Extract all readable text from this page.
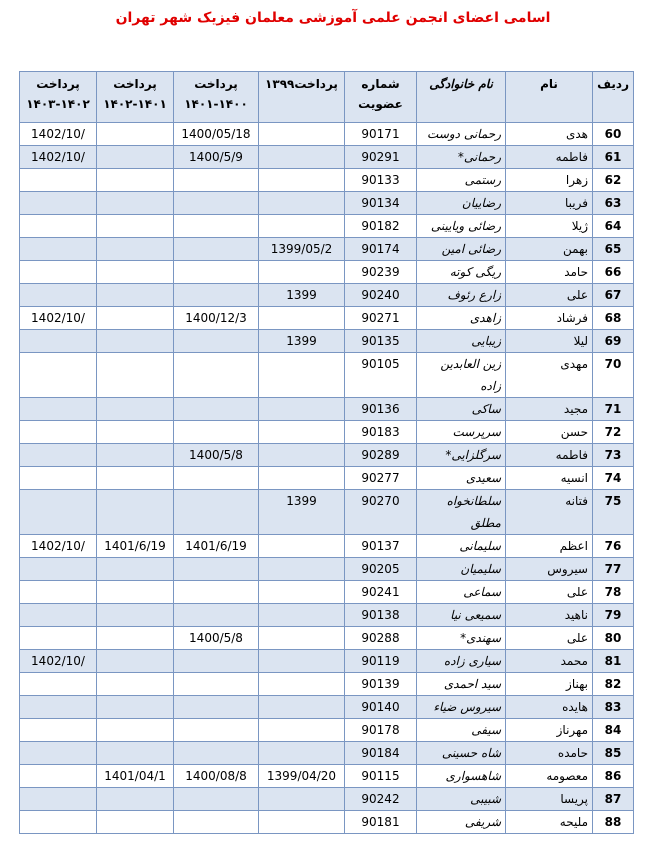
اسامی اعضای انجمن علمی آموزشی معلمان فیزیک شهر تهران
ردیف	نام	نام خانوادگی	شماره عضویت	پرداخت۱۳۹۹	پرداخت ۱۴۰۰-۱۴۰۱	پرداخت ۱۴۰۱-۱۴۰۲	پرداخت ۱۴۰۲-۱۴۰۳
60	هدی	رحمانی دوست	90171		1400/05/18		1402/10/
61	فاطمه	رحمانی*	90291		1400/5/9		1402/10/
62	زهرا	رستمی	90133				
63	فریبا	رضاییان	90134				
64	ژیلا	رضائی ویایینی	90182				
65	بهمن	رضائی امین	90174	1399/05/2			
66	حامد	ریگی کوته	90239				
67	علی	زارع رئوف	90240	1399			
68	فرشاد	زاهدی	90271		1400/12/3		1402/10/
69	لیلا	زیبایی	90135	1399			
70	مهدی	زین العابدین زاده	90105				
71	مجید	ساکی	90136				
72	حسن	سرپرست	90183				
73	فاطمه	سرگلزایی*	90289		1400/5/8		
74	انسیه	سعیدی	90277				
75	فتانه	سلطانخواه مطلق	90270	1399			
76	اعظم	سلیمانی	90137		1401/6/19	1401/6/19	1402/10/
77	سیروس	سلیمیان	90205				
78	علی	سماعی	90241				
79	ناهید	سمیعی نیا	90138				
80	علی	سهندی*	90288		1400/5/8		
81	محمد	سیاری زاده	90119				1402/10/
82	بهناز	سید احمدی	90139				
83	هایده	سیروس ضیاء	90140				
84	مهرناز	سیفی	90178				
85	حامده	شاه حسینی	90184				
86	معصومه	شاهسواری	90115	1399/04/20	1400/08/8	1401/04/1	
87	پریسا	شبیبی	90242				
88	ملیحه	شریفی	90181				
